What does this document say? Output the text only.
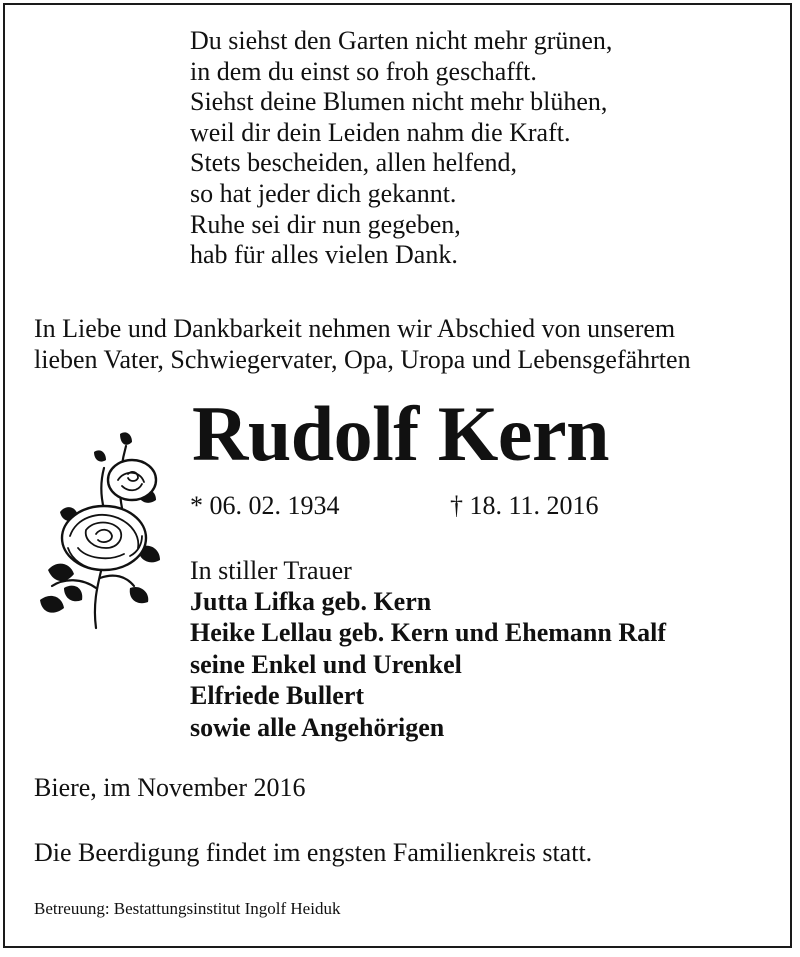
Du siehst den Garten nicht mehr grünen,
in dem du einst so froh geschafft.
Siehst deine Blumen nicht mehr blühen,
weil dir dein Leiden nahm die Kraft.
Stets bescheiden, allen helfend,
so hat jeder dich gekannt.
Ruhe sei dir nun gegeben,
hab für alles vielen Dank.
In Liebe und Dankbarkeit nehmen wir Abschied von unserem
lieben Vater, Schwiegervater, Opa, Uropa und Lebensgefährten
Rudolf Kern
* 06. 02. 1934	† 18. 11. 2016
In stiller Trauer
Jutta Lifka geb. Kern
Heike Lellau geb. Kern und Ehemann Ralf
seine Enkel und Urenkel
Elfriede Bullert
sowie alle Angehörigen
Biere, im November 2016
Die Beerdigung findet im engsten Familienkreis statt.
Betreuung: Bestattungsinstitut Ingolf Heiduk
